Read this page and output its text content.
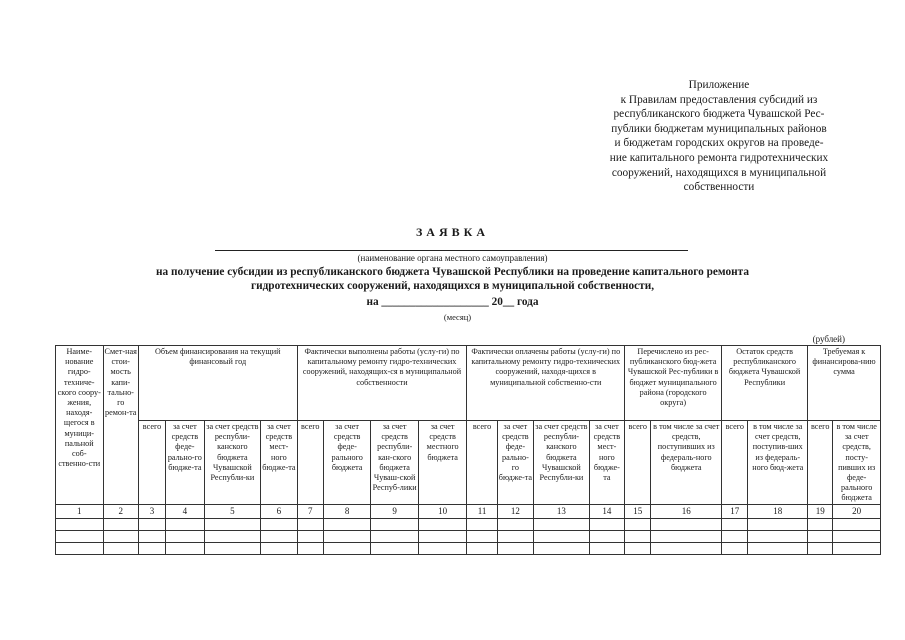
Приложение
к Правилам предоставления субсидий из
республиканского бюджета Чувашской Рес-
публики бюджетам муниципальных районов
и бюджетам городских округов на проведе-
ние капитального ремонта гидротехнических
сооружений, находящихся в муниципальной
собственности
ЗАЯВКА
(наименование органа местного самоуправления)
на получение субсидии из республиканского бюджета Чувашской Республики на проведение капитального ремонта
гидротехнических сооружений, находящихся в муниципальной собственности,
на ___________________ 20__ года
(месяц)
(рублей)
Наиме-нование гидро-техниче-ского соору-жения, находя-щегося в муници-пальной соб-ственно-сти	Смет-ная стои-мость капи-тально-го ремон-та	Объем финансирования на текущий финансовый год				Фактически выполнены работы (услу-ги) по капитальному ремонту гидро-технических сооружений, находящих-ся в муниципальной собственности				Фактически оплачены работы (услу-ги) по капитальному ремонту гидро-технических сооружений, находя-щихся в муниципальной собственно-сти				Перечислено из рес-публиканского бюд-жета Чувашской Рес-публики в бюджет муниципального района (городского округа)		Остаток средств республиканского бюджета Чувашской Республики		Требуемая к финансирова-нию сумма	
		всего	за счет средств феде-рально-го бюдже-та	за счет средств республи-канского бюджета Чувашской Республи-ки	за счет средств мест-ного бюдже-та	всего	за счет средств феде-рального бюджета	за счет средств республи-кан-ского бюджета Чуваш-ской Респуб-лики	за счет средств местного бюджета	всего	за счет средств феде-рально-го бюдже-та	за счет средств республи-канского бюджета Чувашской Республи-ки	за счет средств мест-ного бюдже-та	всего	в том числе за счет средств, поступивших из федераль-ного бюджета	всего	в том числе за счет средств, поступив-ших из федераль-ного бюд-жета	всего	в том числе за счет средств, посту-пивших из феде-рального бюджета
1	2	3	4	5	6	7	8	9	10	11	12	13	14	15	16	17	18	19	20
